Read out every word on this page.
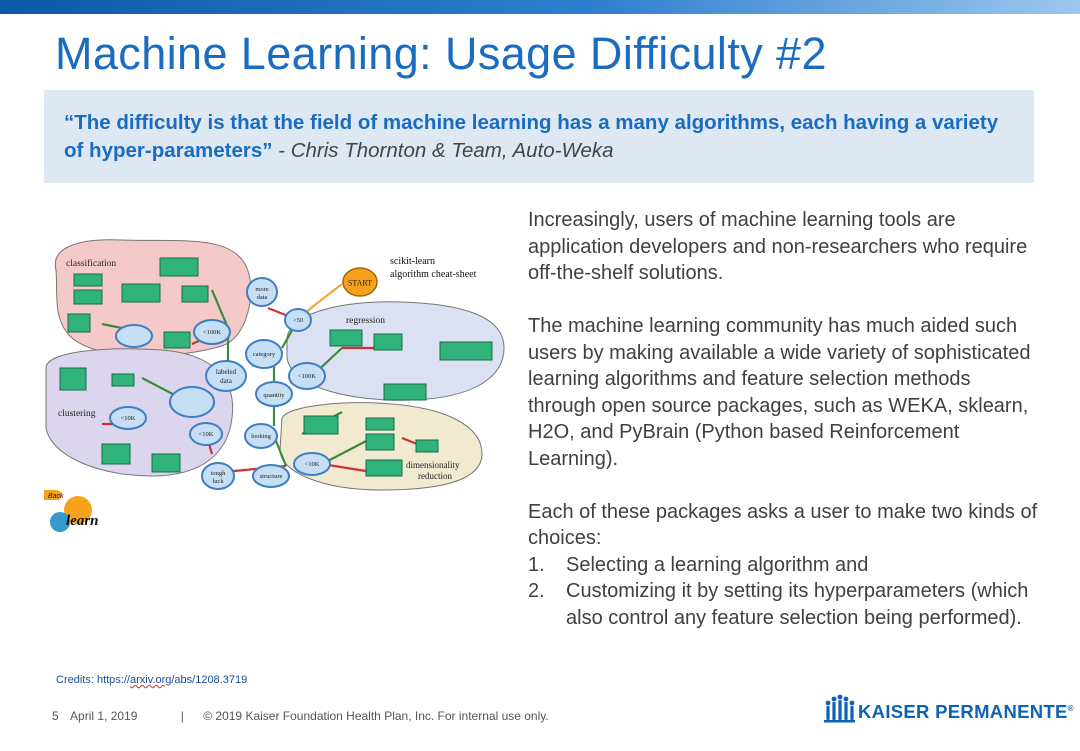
Machine Learning: Usage Difficulty #2

“The difficulty is that the field of machine learning has a many algorithms, each having a variety of hyper-parameters” - Chris Thornton & Team, Auto-Weka

classification
regression
clustering
dimensionality
reduction
scikit-learn
algorithm cheat-sheet
START
more
data
>50
<100K
category
labeled
data
<100K
quantity
<10K
<10K	looking
<10K
structure
tough
luck
Back
learn

Increasingly, users of machine learning tools are application developers and non-researchers who require off-the-shelf solutions.

The machine learning community has much aided such users by making available a wide variety of sophisticated learning algorithms and feature selection methods through open source packages, such as WEKA, sklearn, H2O, and PyBrain (Python based Reinforcement Learning).

Each of these packages asks a user to make two kinds of choices:

1. Selecting a learning algorithm and
2. Customizing it by setting its hyperparameters (which also control any feature selection being performed).
Credits: https://arxiv.org/abs/1208.3719
5 April 1, 2019	| © 2019 Kaiser Foundation Health Plan, Inc. For internal use only.	KAISER PERMANENTE®
